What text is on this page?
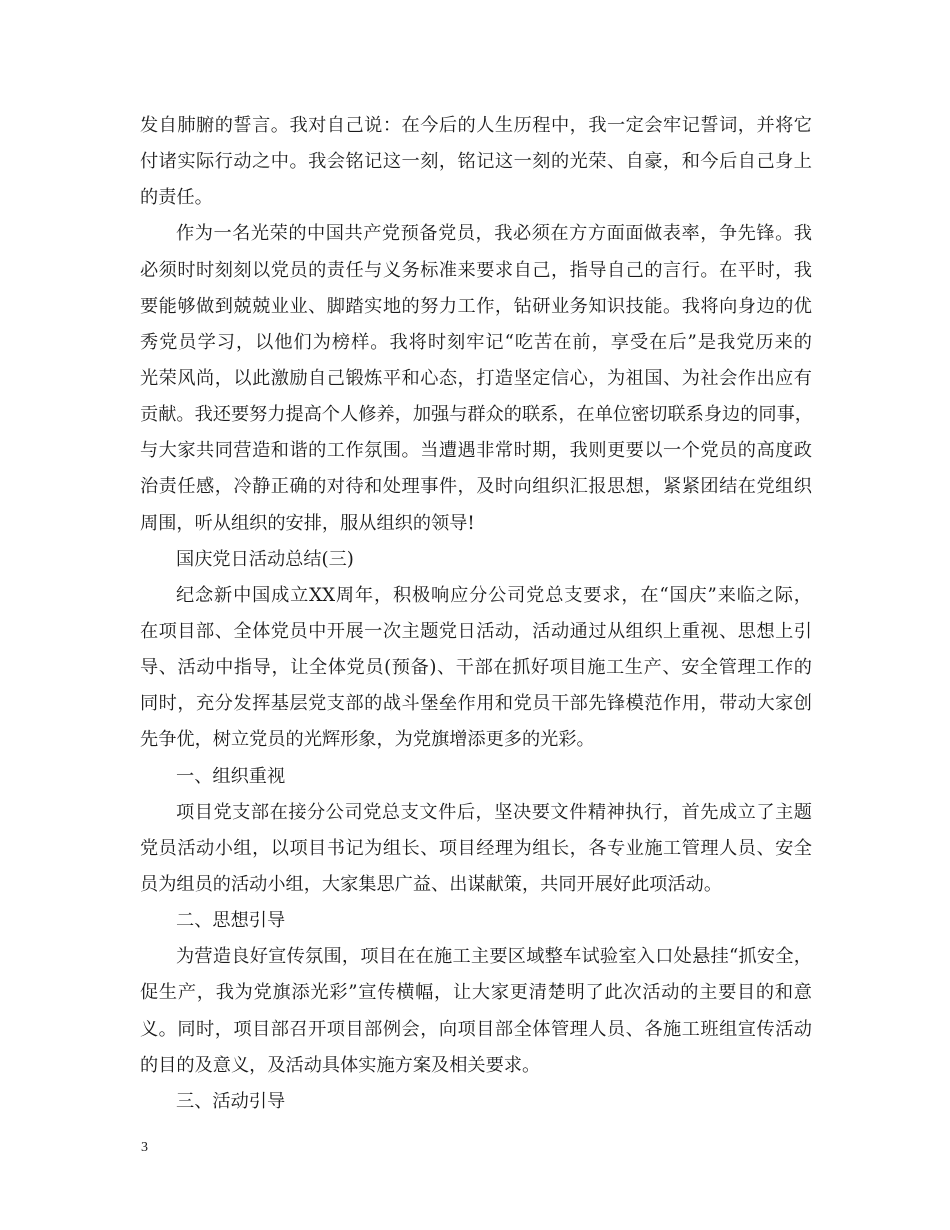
发自肺腑的誓言。我对自己说：在今后的人生历程中，我一定会牢记誓词，并将它
付诸实际行动之中。我会铭记这一刻，铭记这一刻的光荣、自豪，和今后自己身上
的责任。
作为一名光荣的中国共产党预备党员，我必须在方方面面做表率，争先锋。我
必须时时刻刻以党员的责任与义务标准来要求自己，指导自己的言行。在平时，我
要能够做到兢兢业业、脚踏实地的努力工作，钻研业务知识技能。我将向身边的优
秀党员学习，以他们为榜样。我将时刻牢记“吃苦在前，享受在后”是我党历来的
光荣风尚，以此激励自己锻炼平和心态，打造坚定信心，为祖国、为社会作出应有
贡献。我还要努力提高个人修养，加强与群众的联系，在单位密切联系身边的同事，
与大家共同营造和谐的工作氛围。当遭遇非常时期，我则更要以一个党员的高度政
治责任感，冷静正确的对待和处理事件，及时向组织汇报思想，紧紧团结在党组织
周围，听从组织的安排，服从组织的领导!
国庆党日活动总结(三)
纪念新中国成立XX周年，积极响应分公司党总支要求，在“国庆”来临之际，
在项目部、全体党员中开展一次主题党日活动，活动通过从组织上重视、思想上引
导、活动中指导，让全体党员(预备)、干部在抓好项目施工生产、安全管理工作的
同时，充分发挥基层党支部的战斗堡垒作用和党员干部先锋模范作用，带动大家创
先争优，树立党员的光辉形象，为党旗增添更多的光彩。
一、组织重视
项目党支部在接分公司党总支文件后，坚决要文件精神执行，首先成立了主题
党员活动小组，以项目书记为组长、项目经理为组长，各专业施工管理人员、安全
员为组员的活动小组，大家集思广益、出谋献策，共同开展好此项活动。
二、思想引导
为营造良好宣传氛围，项目在在施工主要区域整车试验室入口处悬挂“抓安全，
促生产，我为党旗添光彩”宣传横幅，让大家更清楚明了此次活动的主要目的和意
义。同时，项目部召开项目部例会，向项目部全体管理人员、各施工班组宣传活动
的目的及意义，及活动具体实施方案及相关要求。
三、活动引导
3
